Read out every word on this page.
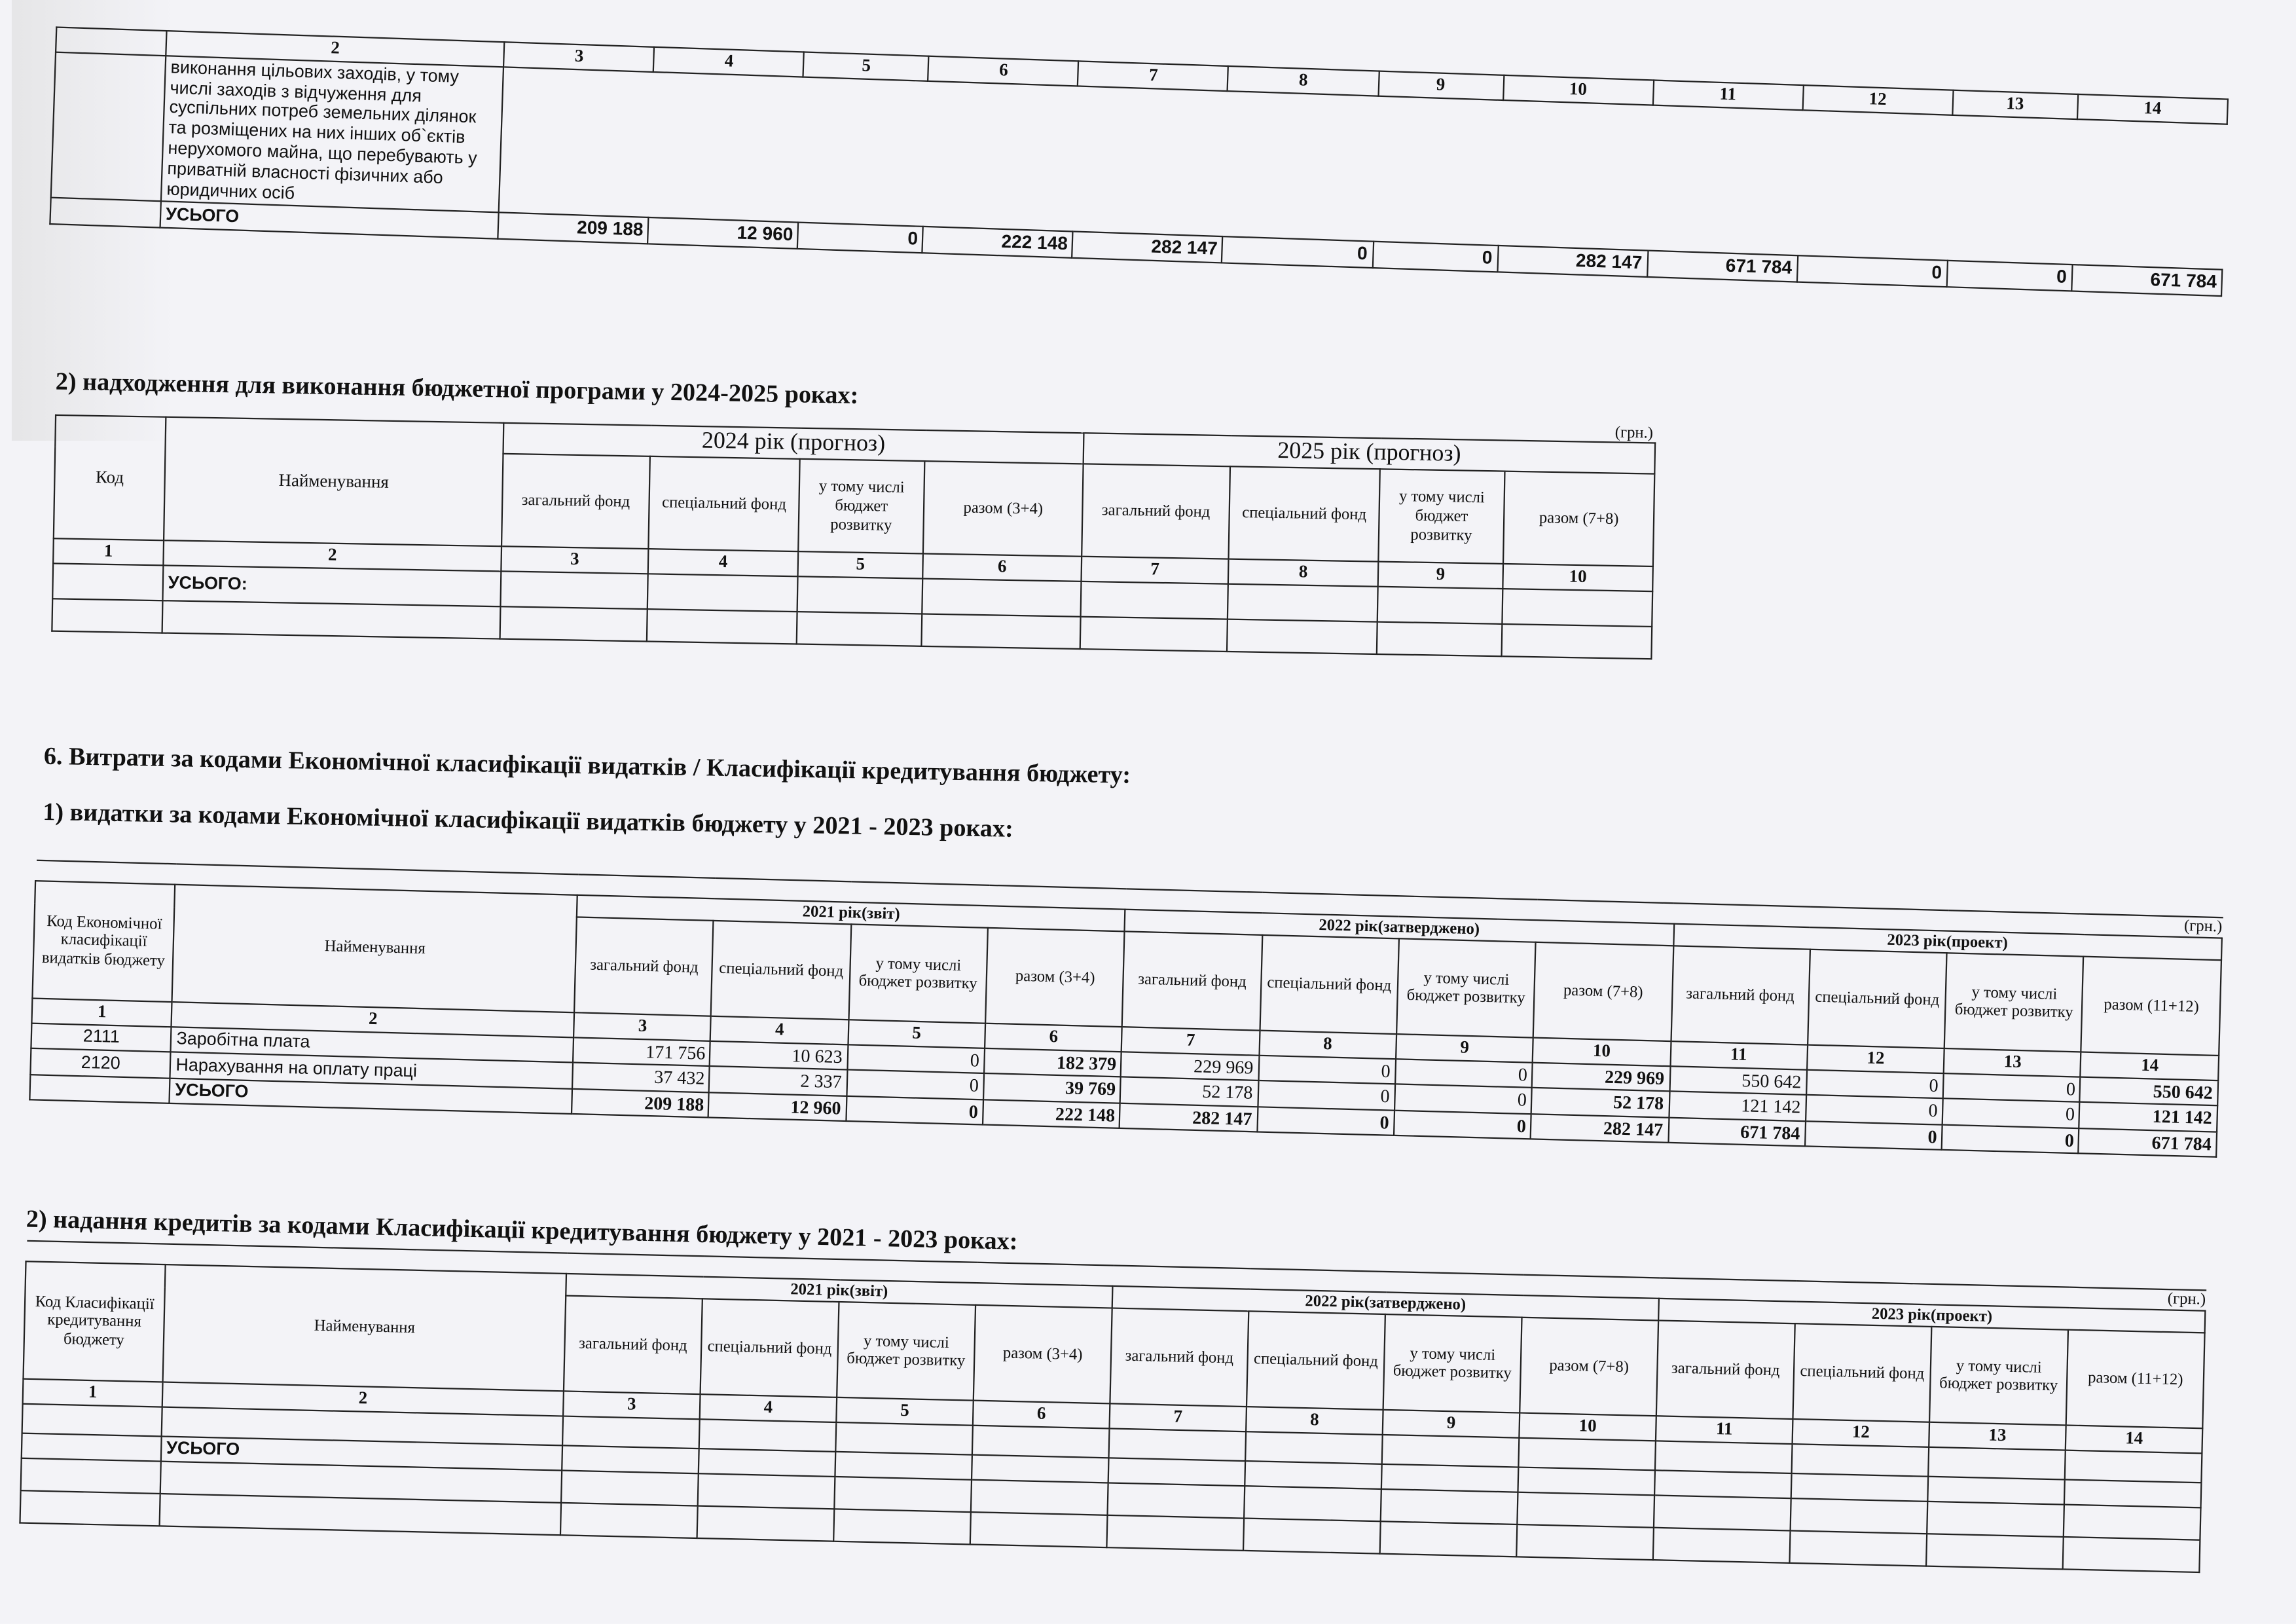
	2	3	4	5	6	7	8	9	10	11	12	13	14
	виконання цільових заходів, у тому числі заходів з відчуження для суспільних потреб земельних ділянок та розміщених на них інших об`єктів нерухомого майна, що перебувають у приватній власності фізичних або юридичних осіб												
	УСЬОГО	209 188	12 960	0	222 148	282 147	0	0	282 147	671 784	0	0	671 784
2) надходження для виконання бюджетної програми у 2024-2025 роках:
(грн.)
Код	Найменування	2024 рік (прогноз)				2025 рік (прогноз)			
		загальний фонд	спеціальний фонд	у тому числі бюджет розвитку	разом (3+4)	загальний фонд	спеціальний фонд	у тому числі бюджет розвитку	разом (7+8)
1	2	3	4	5	6	7	8	9	10
	УСЬОГО:								

6. Витрати за кодами Економічної класифікації видатків / Класифікації кредитування бюджету:
1) видатки за кодами Економічної класифікації видатків бюджету у 2021 - 2023 роках:
(грн.)													
Код Економічної класифікації видатків бюджету	Найменування	2021 рік(звіт)				2022 рік(затверджено)				2023 рік(проект)			
		загальний фонд	спеціальний фонд	у тому числі бюджет розвитку	разом (3+4)	загальний фонд	спеціальний фонд	у тому числі бюджет розвитку	разом (7+8)	загальний фонд	спеціальний фонд	у тому числі бюджет розвитку	разом (11+12)
1	2	3	4	5	6	7	8	9	10	11	12	13	14
2111	Заробітна плата	171 756	10 623	0	182 379	229 969	0	0	229 969	550 642	0	0	550 642
2120	Нарахування на оплату праці	37 432	2 337	0	39 769	52 178	0	0	52 178	121 142	0	0	121 142
	УСЬОГО	209 188	12 960	0	222 148	282 147	0	0	282 147	671 784	0	0	671 784
2) надання кредитів за кодами Класифікації кредитування бюджету у 2021 - 2023 роках:
(грн.)													
Код Класифікації кредитування бюджету	Найменування	2021 рік(звіт)				2022 рік(затверджено)				2023 рік(проект)			
		загальний фонд	спеціальний фонд	у тому числі бюджет розвитку	разом (3+4)	загальний фонд	спеціальний фонд	у тому числі бюджет розвитку	разом (7+8)	загальний фонд	спеціальний фонд	у тому числі бюджет розвитку	разом (11+12)
1	2	3	4	5	6	7	8	9	10	11	12	13	14

	УСЬОГО												
